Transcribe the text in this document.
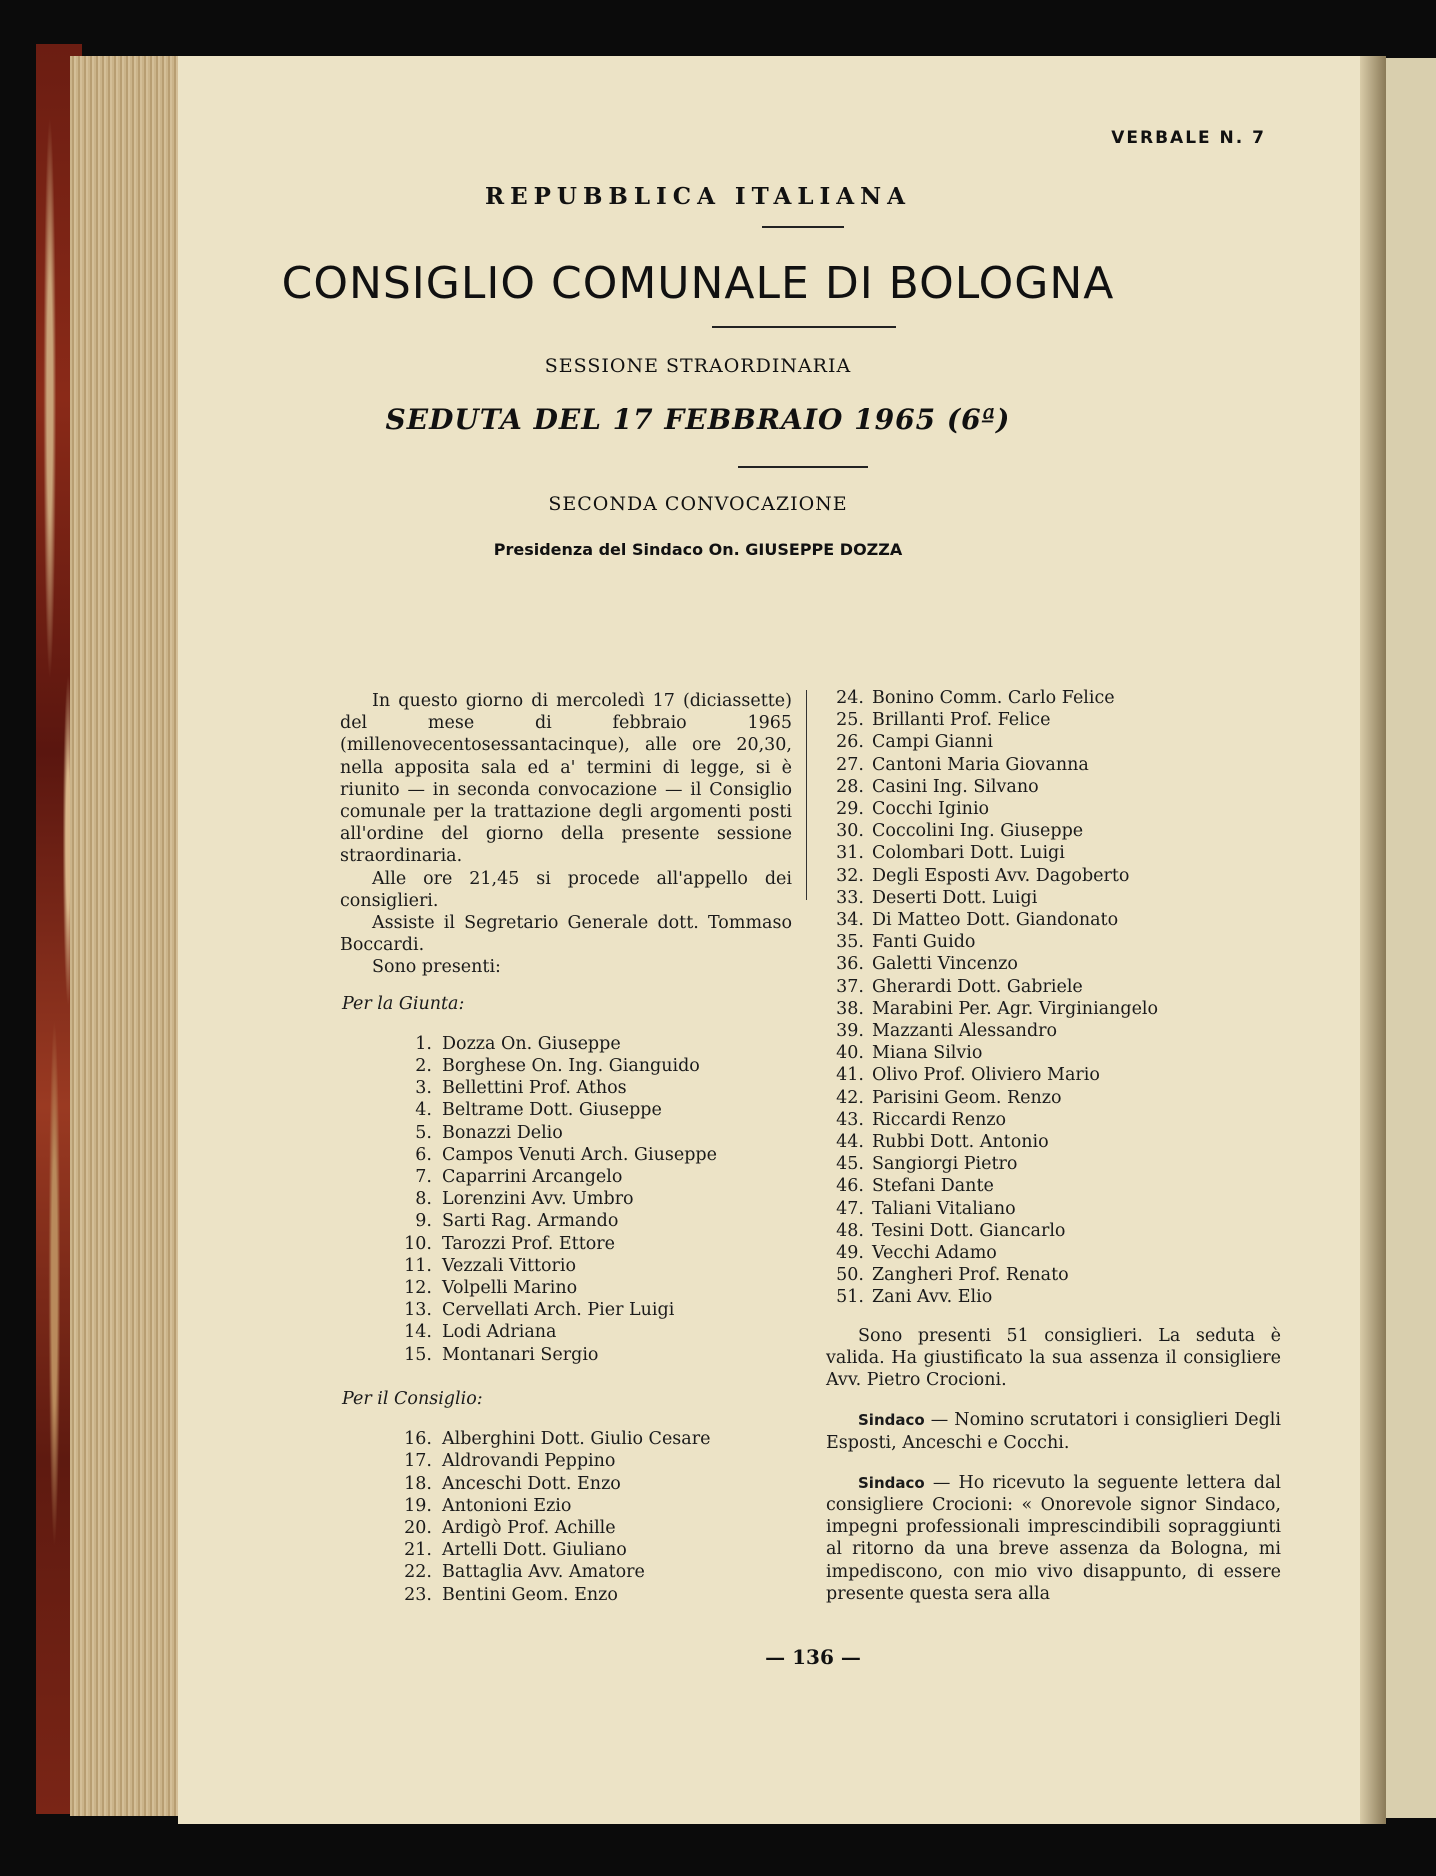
VERBALE N. 7
REPUBBLICA ITALIANA
CONSIGLIO COMUNALE DI BOLOGNA
SESSIONE STRAORDINARIA
SEDUTA DEL 17 FEBBRAIO 1965 (6ª)
SECONDA CONVOCAZIONE
Presidenza del Sindaco On. GIUSEPPE DOZZA

In questo giorno di mercoledì 17 (diciassette) del mese di febbraio 1965 (millenovecentosessantacinque), alle ore 20,30, nella apposita sala ed a' termini di legge, si è riunito — in seconda convocazione — il Consiglio comunale per la trattazione degli argomenti posti all'ordine del giorno della presente sessione straordinaria.

Alle ore 21,45 si procede all'appello dei consiglieri.

Assiste il Segretario Generale dott. Tommaso Boccardi.

Sono presenti:

Per la Giunta:
1. Dozza On. Giuseppe
2. Borghese On. Ing. Gianguido
3. Bellettini Prof. Athos
4. Beltrame Dott. Giuseppe
5. Bonazzi Delio
6. Campos Venuti Arch. Giuseppe
7. Caparrini Arcangelo
8. Lorenzini Avv. Umbro
9. Sarti Rag. Armando
10. Tarozzi Prof. Ettore
11. Vezzali Vittorio
12. Volpelli Marino
13. Cervellati Arch. Pier Luigi
14. Lodi Adriana
15. Montanari Sergio
Per il Consiglio:
16. Alberghini Dott. Giulio Cesare
17. Aldrovandi Peppino
18. Anceschi Dott. Enzo
19. Antonioni Ezio
20. Ardigò Prof. Achille
21. Artelli Dott. Giuliano
22. Battaglia Avv. Amatore
23. Bentini Geom. Enzo
24. Bonino Comm. Carlo Felice
25. Brillanti Prof. Felice
26. Campi Gianni
27. Cantoni Maria Giovanna
28. Casini Ing. Silvano
29. Cocchi Iginio
30. Coccolini Ing. Giuseppe
31. Colombari Dott. Luigi
32. Degli Esposti Avv. Dagoberto
33. Deserti Dott. Luigi
34. Di Matteo Dott. Giandonato
35. Fanti Guido
36. Galetti Vincenzo
37. Gherardi Dott. Gabriele
38. Marabini Per. Agr. Virginiangelo
39. Mazzanti Alessandro
40. Miana Silvio
41. Olivo Prof. Oliviero Mario
42. Parisini Geom. Renzo
43. Riccardi Renzo
44. Rubbi Dott. Antonio
45. Sangiorgi Pietro
46. Stefani Dante
47. Taliani Vitaliano
48. Tesini Dott. Giancarlo
49. Vecchi Adamo
50. Zangheri Prof. Renato
51. Zani Avv. Elio

Sono presenti 51 consiglieri. La seduta è valida. Ha giustificato la sua assenza il consigliere Avv. Pietro Crocioni.

Sindaco — Nomino scrutatori i consiglieri Degli Esposti, Anceschi e Cocchi.

Sindaco — Ho ricevuto la seguente lettera dal consigliere Crocioni: « Onorevole signor Sindaco, impegni professionali imprescindibili sopraggiunti al ritorno da una breve assenza da Bologna, mi impediscono, con mio vivo disappunto, di essere presente questa sera alla

— 136 —
